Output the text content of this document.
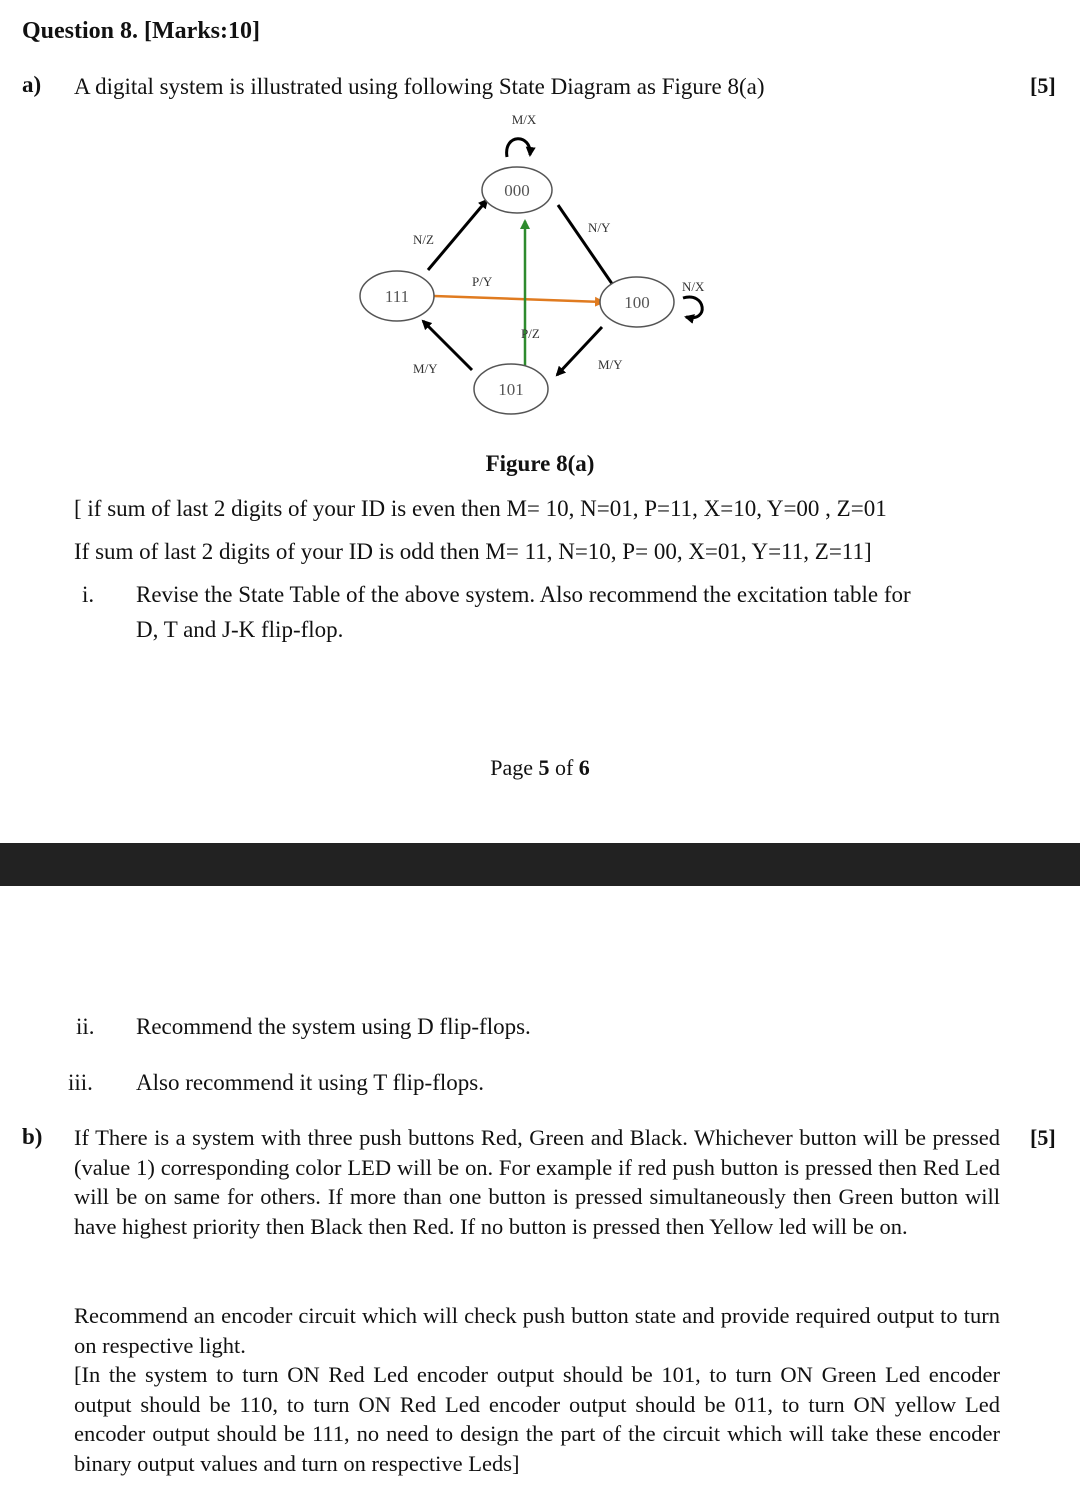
Question 8. [Marks:10]
a) A digital system is illustrated using following State Diagram as Figure 8(a)	[5]
M/X
N/Z
N/Y
P/Y
P/Z
M/Y	M/Y
N/X
000
111	100
101
Figure 8(a)
[ if sum of last 2 digits of your ID is even then M= 10, N=01, P=11, X=10, Y=00 , Z=01
If sum of last 2 digits of your ID is odd then M= 11, N=10, P= 00, X=01, Y=11, Z=11]
i. Revise the State Table of the above system. Also recommend the excitation table for
D, T and J-K flip-flop.
Page 5 of 6
ii. Recommend the system using D flip-flops.
iii. Also recommend it using T flip-flops.
b)	[5]
If There is a system with three push buttons Red, Green and Black. Whichever button will be pressed (value 1) corresponding color LED will be on. For example if red push button is pressed then Red Led will be on same for others. If more than one button is pressed simultaneously then Green button will have highest priority then Black then Red. If no button is pressed then Yellow led will be on.
Recommend an encoder circuit which will check push button state and provide required output to turn on respective light.
[In the system to turn ON Red Led encoder output should be 101, to turn ON Green Led encoder output should be 110, to turn ON Red Led encoder output should be 011, to turn ON yellow Led encoder output should be 111, no need to design the part of the circuit which will take these encoder binary output values and turn on respective Leds]
